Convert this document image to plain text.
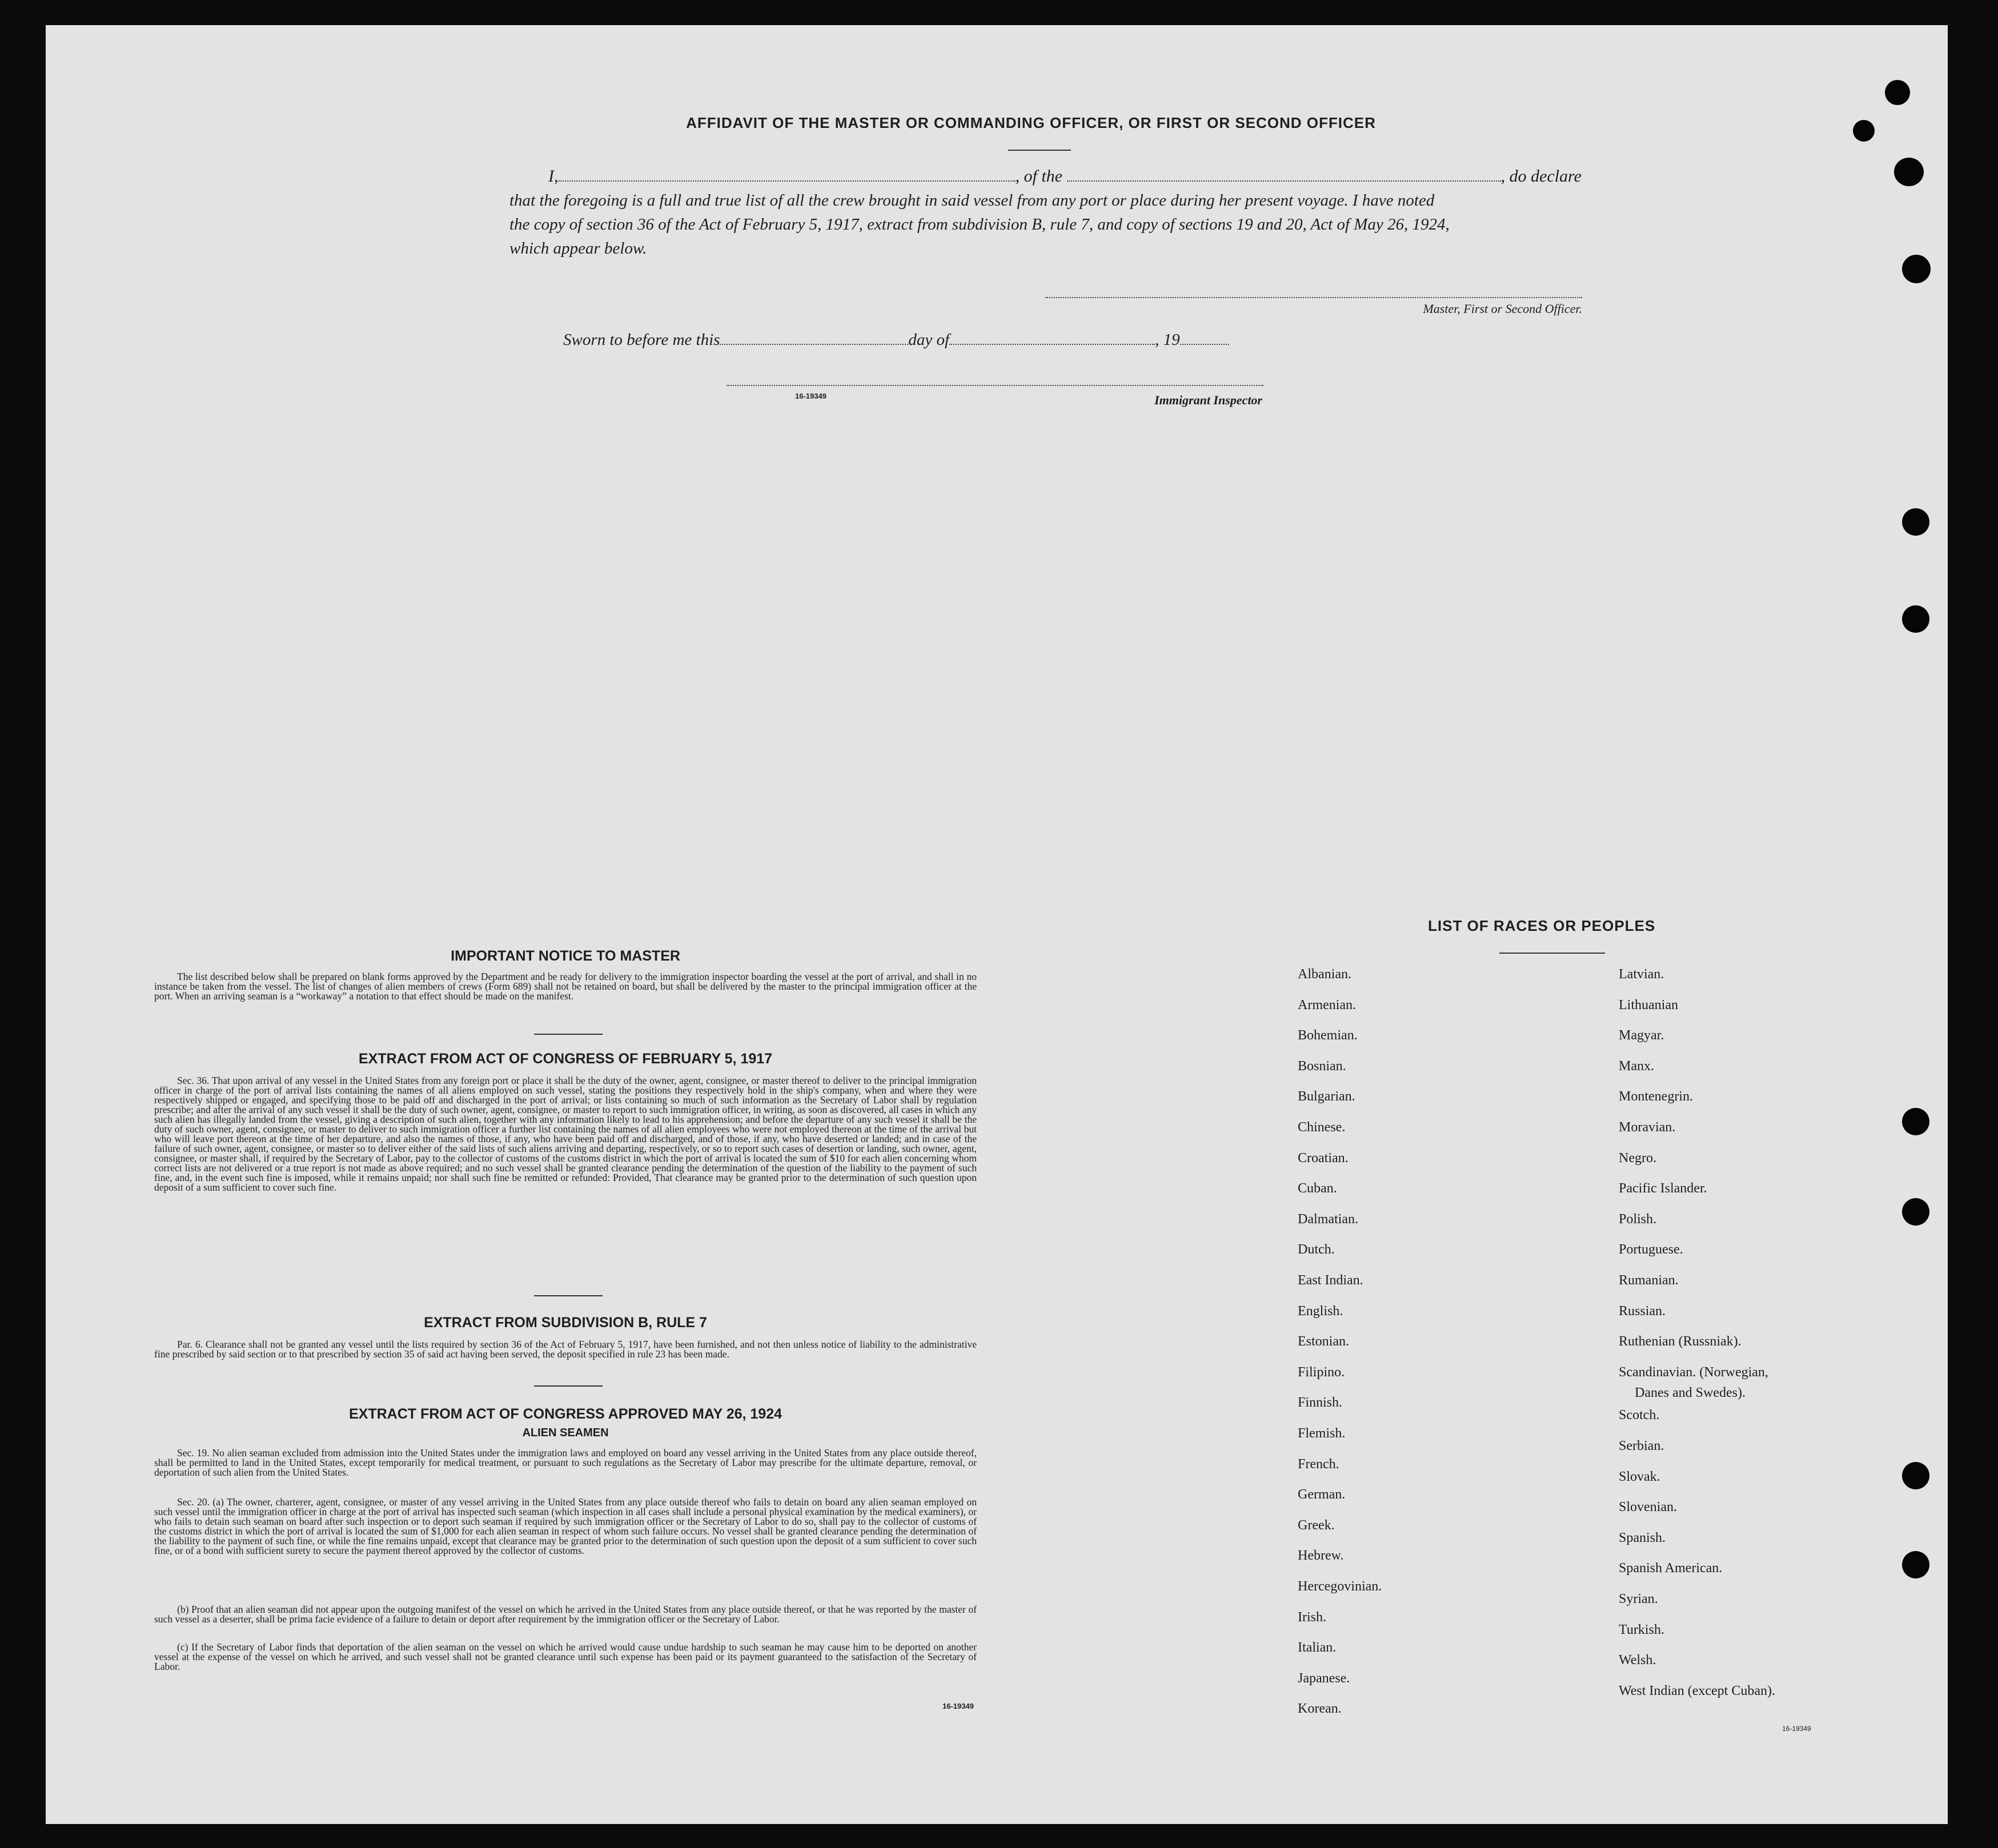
AFFIDAVIT OF THE MASTER OR COMMANDING OFFICER, OR FIRST OR SECOND OFFICER
I,	, of the	, do declare
that the foregoing is a full and true list of all the crew brought in said vessel from any port or place during her present voyage. I have noted
the copy of section 36 of the Act of February 5, 1917, extract from subdivision B, rule 7, and copy of sections 19 and 20, Act of May 26, 1924,
which appear below.
Master, First or Second Officer.
Sworn to before me this	day of	, 19
16-19349	Immigrant Inspector
IMPORTANT NOTICE TO MASTER

The list described below shall be prepared on blank forms approved by the Department and be ready for delivery to the immigration inspector boarding the vessel at the port of arrival, and shall in no instance be taken from the vessel. The list of changes of alien members of crews (Form 689) shall not be retained on board, but shall be delivered by the master to the principal immigration officer at the port. When an arriving seaman is a “workaway” a notation to that effect should be made on the manifest.

EXTRACT FROM ACT OF CONGRESS OF FEBRUARY 5, 1917

Sec. 36. That upon arrival of any vessel in the United States from any foreign port or place it shall be the duty of the owner, agent, consignee, or master thereof to deliver to the principal immigration officer in charge of the port of arrival lists containing the names of all aliens employed on such vessel, stating the positions they respectively hold in the ship's company, when and where they were respectively shipped or engaged, and specifying those to be paid off and discharged in the port of arrival; or lists containing so much of such information as the Secretary of Labor shall by regulation prescribe; and after the arrival of any such vessel it shall be the duty of such owner, agent, consignee, or master to report to such immigration officer, in writing, as soon as discovered, all cases in which any such alien has illegally landed from the vessel, giving a description of such alien, together with any information likely to lead to his apprehension; and before the departure of any such vessel it shall be the duty of such owner, agent, consignee, or master to deliver to such immigration officer a further list containing the names of all alien employees who were not employed thereon at the time of the arrival but who will leave port thereon at the time of her departure, and also the names of those, if any, who have been paid off and discharged, and of those, if any, who have deserted or landed; and in case of the failure of such owner, agent, consignee, or master so to deliver either of the said lists of such aliens arriving and departing, respectively, or so to report such cases of desertion or landing, such owner, agent, consignee, or master shall, if required by the Secretary of Labor, pay to the collector of customs of the customs district in which the port of arrival is located the sum of $10 for each alien concerning whom correct lists are not delivered or a true report is not made as above required; and no such vessel shall be granted clearance pending the determination of the question of the liability to the payment of such fine, and, in the event such fine is imposed, while it remains unpaid; nor shall such fine be remitted or refunded: Provided, That clearance may be granted prior to the determination of such question upon deposit of a sum sufficient to cover such fine.

EXTRACT FROM SUBDIVISION B, RULE 7

Par. 6. Clearance shall not be granted any vessel until the lists required by section 36 of the Act of February 5, 1917, have been furnished, and not then unless notice of liability to the administrative fine prescribed by said section or to that prescribed by section 35 of said act having been served, the deposit specified in rule 23 has been made.

EXTRACT FROM ACT OF CONGRESS APPROVED MAY 26, 1924
ALIEN SEAMEN

Sec. 19. No alien seaman excluded from admission into the United States under the immigration laws and employed on board any vessel arriving in the United States from any place outside thereof, shall be permitted to land in the United States, except temporarily for medical treatment, or pursuant to such regulations as the Secretary of Labor may prescribe for the ultimate departure, removal, or deportation of such alien from the United States.

Sec. 20. (a) The owner, charterer, agent, consignee, or master of any vessel arriving in the United States from any place outside thereof who fails to detain on board any alien seaman employed on such vessel until the immigration officer in charge at the port of arrival has inspected such seaman (which inspection in all cases shall include a personal physical examination by the medical examiners), or who fails to detain such seaman on board after such inspection or to deport such seaman if required by such immigration officer or the Secretary of Labor to do so, shall pay to the collector of customs of the customs district in which the port of arrival is located the sum of $1,000 for each alien seaman in respect of whom such failure occurs. No vessel shall be granted clearance pending the determination of the liability to the payment of such fine, or while the fine remains unpaid, except that clearance may be granted prior to the determination of such question upon the deposit of a sum sufficient to cover such fine, or of a bond with sufficient surety to secure the payment thereof approved by the collector of customs.

(b) Proof that an alien seaman did not appear upon the outgoing manifest of the vessel on which he arrived in the United States from any place outside thereof, or that he was reported by the master of such vessel as a deserter, shall be prima facie evidence of a failure to detain or deport after requirement by the immigration officer or the Secretary of Labor.

(c) If the Secretary of Labor finds that deportation of the alien seaman on the vessel on which he arrived would cause undue hardship to such seaman he may cause him to be deported on another vessel at the expense of the vessel on which he arrived, and such vessel shall not be granted clearance until such expense has been paid or its payment guaranteed to the satisfaction of the Secretary of Labor.

16-19349
LIST OF RACES OR PEOPLES
Albanian.
Armenian.
Bohemian.
Bosnian.
Bulgarian.
Chinese.
Croatian.
Cuban.
Dalmatian.
Dutch.
East Indian.
English.
Estonian.
Filipino.
Finnish.
Flemish.
French.
German.
Greek.
Hebrew.
Hercegovinian.
Irish.
Italian.
Japanese.
Korean.
Latvian.
Lithuanian
Magyar.
Manx.
Montenegrin.
Moravian.
Negro.
Pacific Islander.
Polish.
Portuguese.
Rumanian.
Russian.
Ruthenian (Russniak).
Scandinavian. (Norwegian,
Scotch.
Serbian.
Slovak.
Slovenian.
Spanish.
Spanish American.
Syrian.
Turkish.
Welsh.
West Indian (except Cuban).
Danes and Swedes).
16-19349
